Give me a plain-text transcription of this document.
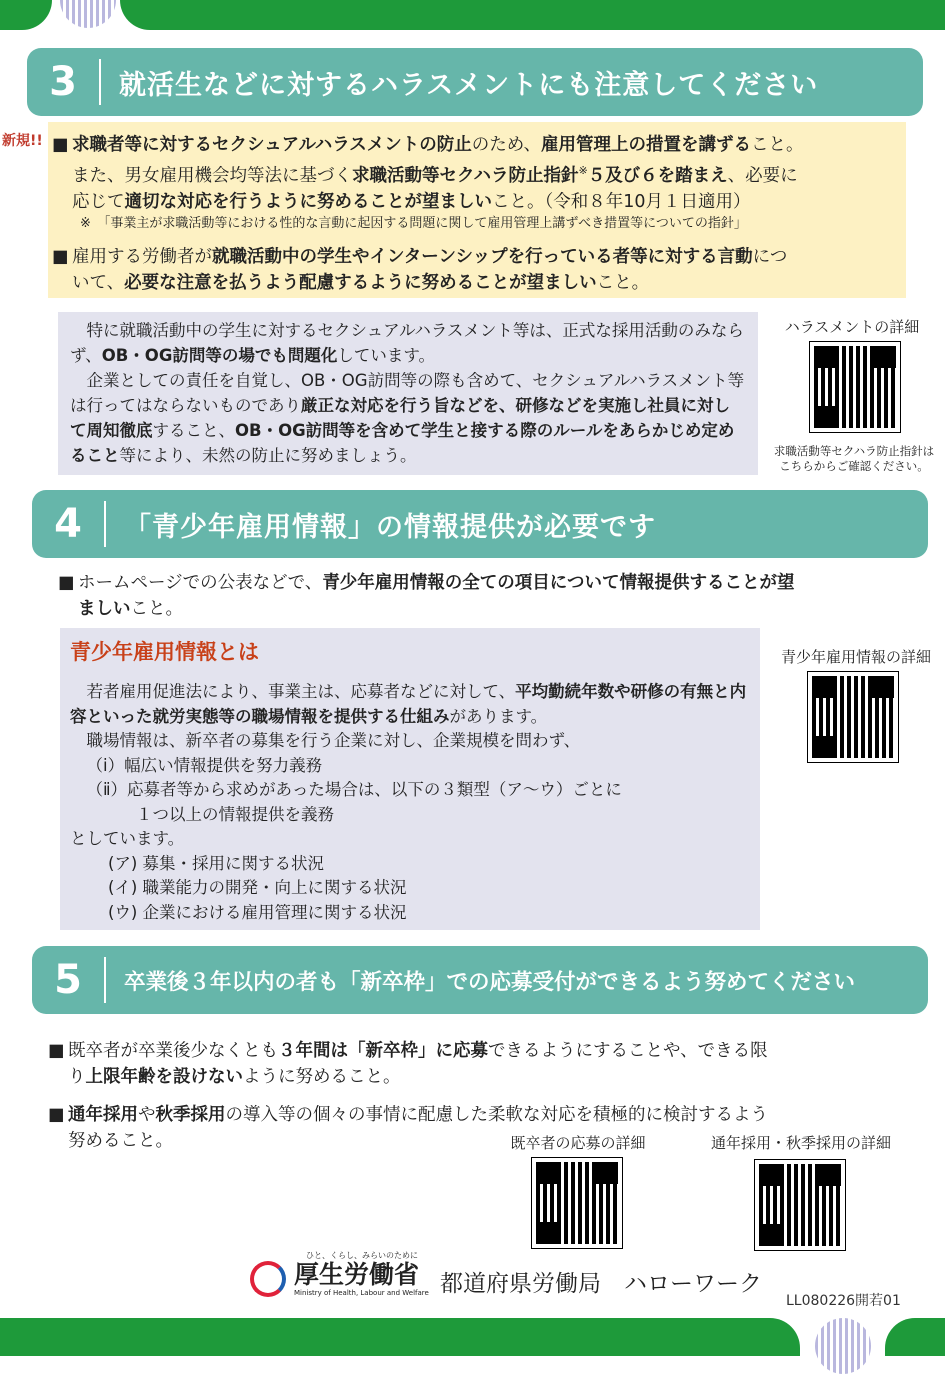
3	就活生などに対するハラスメントにも注意してください
新規!! ■ 求職者等に対するセクシュアルハラスメントの防止のため、雇用管理上の措置を講ずること。
また、男女雇用機会均等法に基づく求職活動等セクハラ防止指針※５及び６を踏まえ、必要に
応じて適切な対応を行うように努めることが望ましいこと。（令和８年10月１日適用）
※　「事業主が求職活動等における性的な言動に起因する問題に関して雇用管理上講ずべき措置等についての指針」
■ 雇用する労働者が就職活動中の学生やインターンシップを行っている者等に対する言動につ
いて、必要な注意を払うよう配慮するように努めることが望ましいこと。
特に就職活動中の学生に対するセクシュアルハラスメント等は、正式な採用活動のみならず、OB・OG訪問等の場でも問題化しています。
企業としての責任を自覚し、OB・OG訪問等の際も含めて、セクシュアルハラスメント等は行ってはならないものであり厳正な対応を行う旨などを、研修などを実施し社員に対して周知徹底すること、OB・OG訪問等を含めて学生と接する際のルールをあらかじめ定めること等により、未然の防止に努めましょう。
ハラスメントの詳細
求職活動等セクハラ防止指針は
こちらからご確認ください。
4	「青少年雇用情報」の情報提供が必要です
■ ホームページでの公表などで、青少年雇用情報の全ての項目について情報提供することが望
ましいこと。
青少年雇用情報とは
若者雇用促進法により、事業主は、応募者などに対して、平均勤続年数や研修の有無と内容といった就労実態等の職場情報を提供する仕組みがあります。
職場情報は、新卒者の募集を行う企業に対し、企業規模を問わず、
（ⅰ）幅広い情報提供を努力義務
（ⅱ）応募者等から求めがあった場合は、以下の３類型（ア～ウ）ごとに
１つ以上の情報提供を義務
としています。
(ア) 募集・採用に関する状況
(イ) 職業能力の開発・向上に関する状況
(ウ) 企業における雇用管理に関する状況
青少年雇用情報の詳細
5	卒業後３年以内の者も「新卒枠」での応募受付ができるよう努めてください
■ 既卒者が卒業後少なくとも３年間は「新卒枠」に応募できるようにすることや、できる限
り上限年齢を設けないように努めること。
■ 通年採用や秋季採用の導入等の個々の事情に配慮した柔軟な対応を積極的に検討するよう
努めること。	既卒者の応募の詳細	通年採用・秋季採用の詳細
ひと、くらし、みらいのために
厚生労働省
Ministry of Health, Labour and Welfare 都道府県労働局　ハローワーク
LL080226開若01
